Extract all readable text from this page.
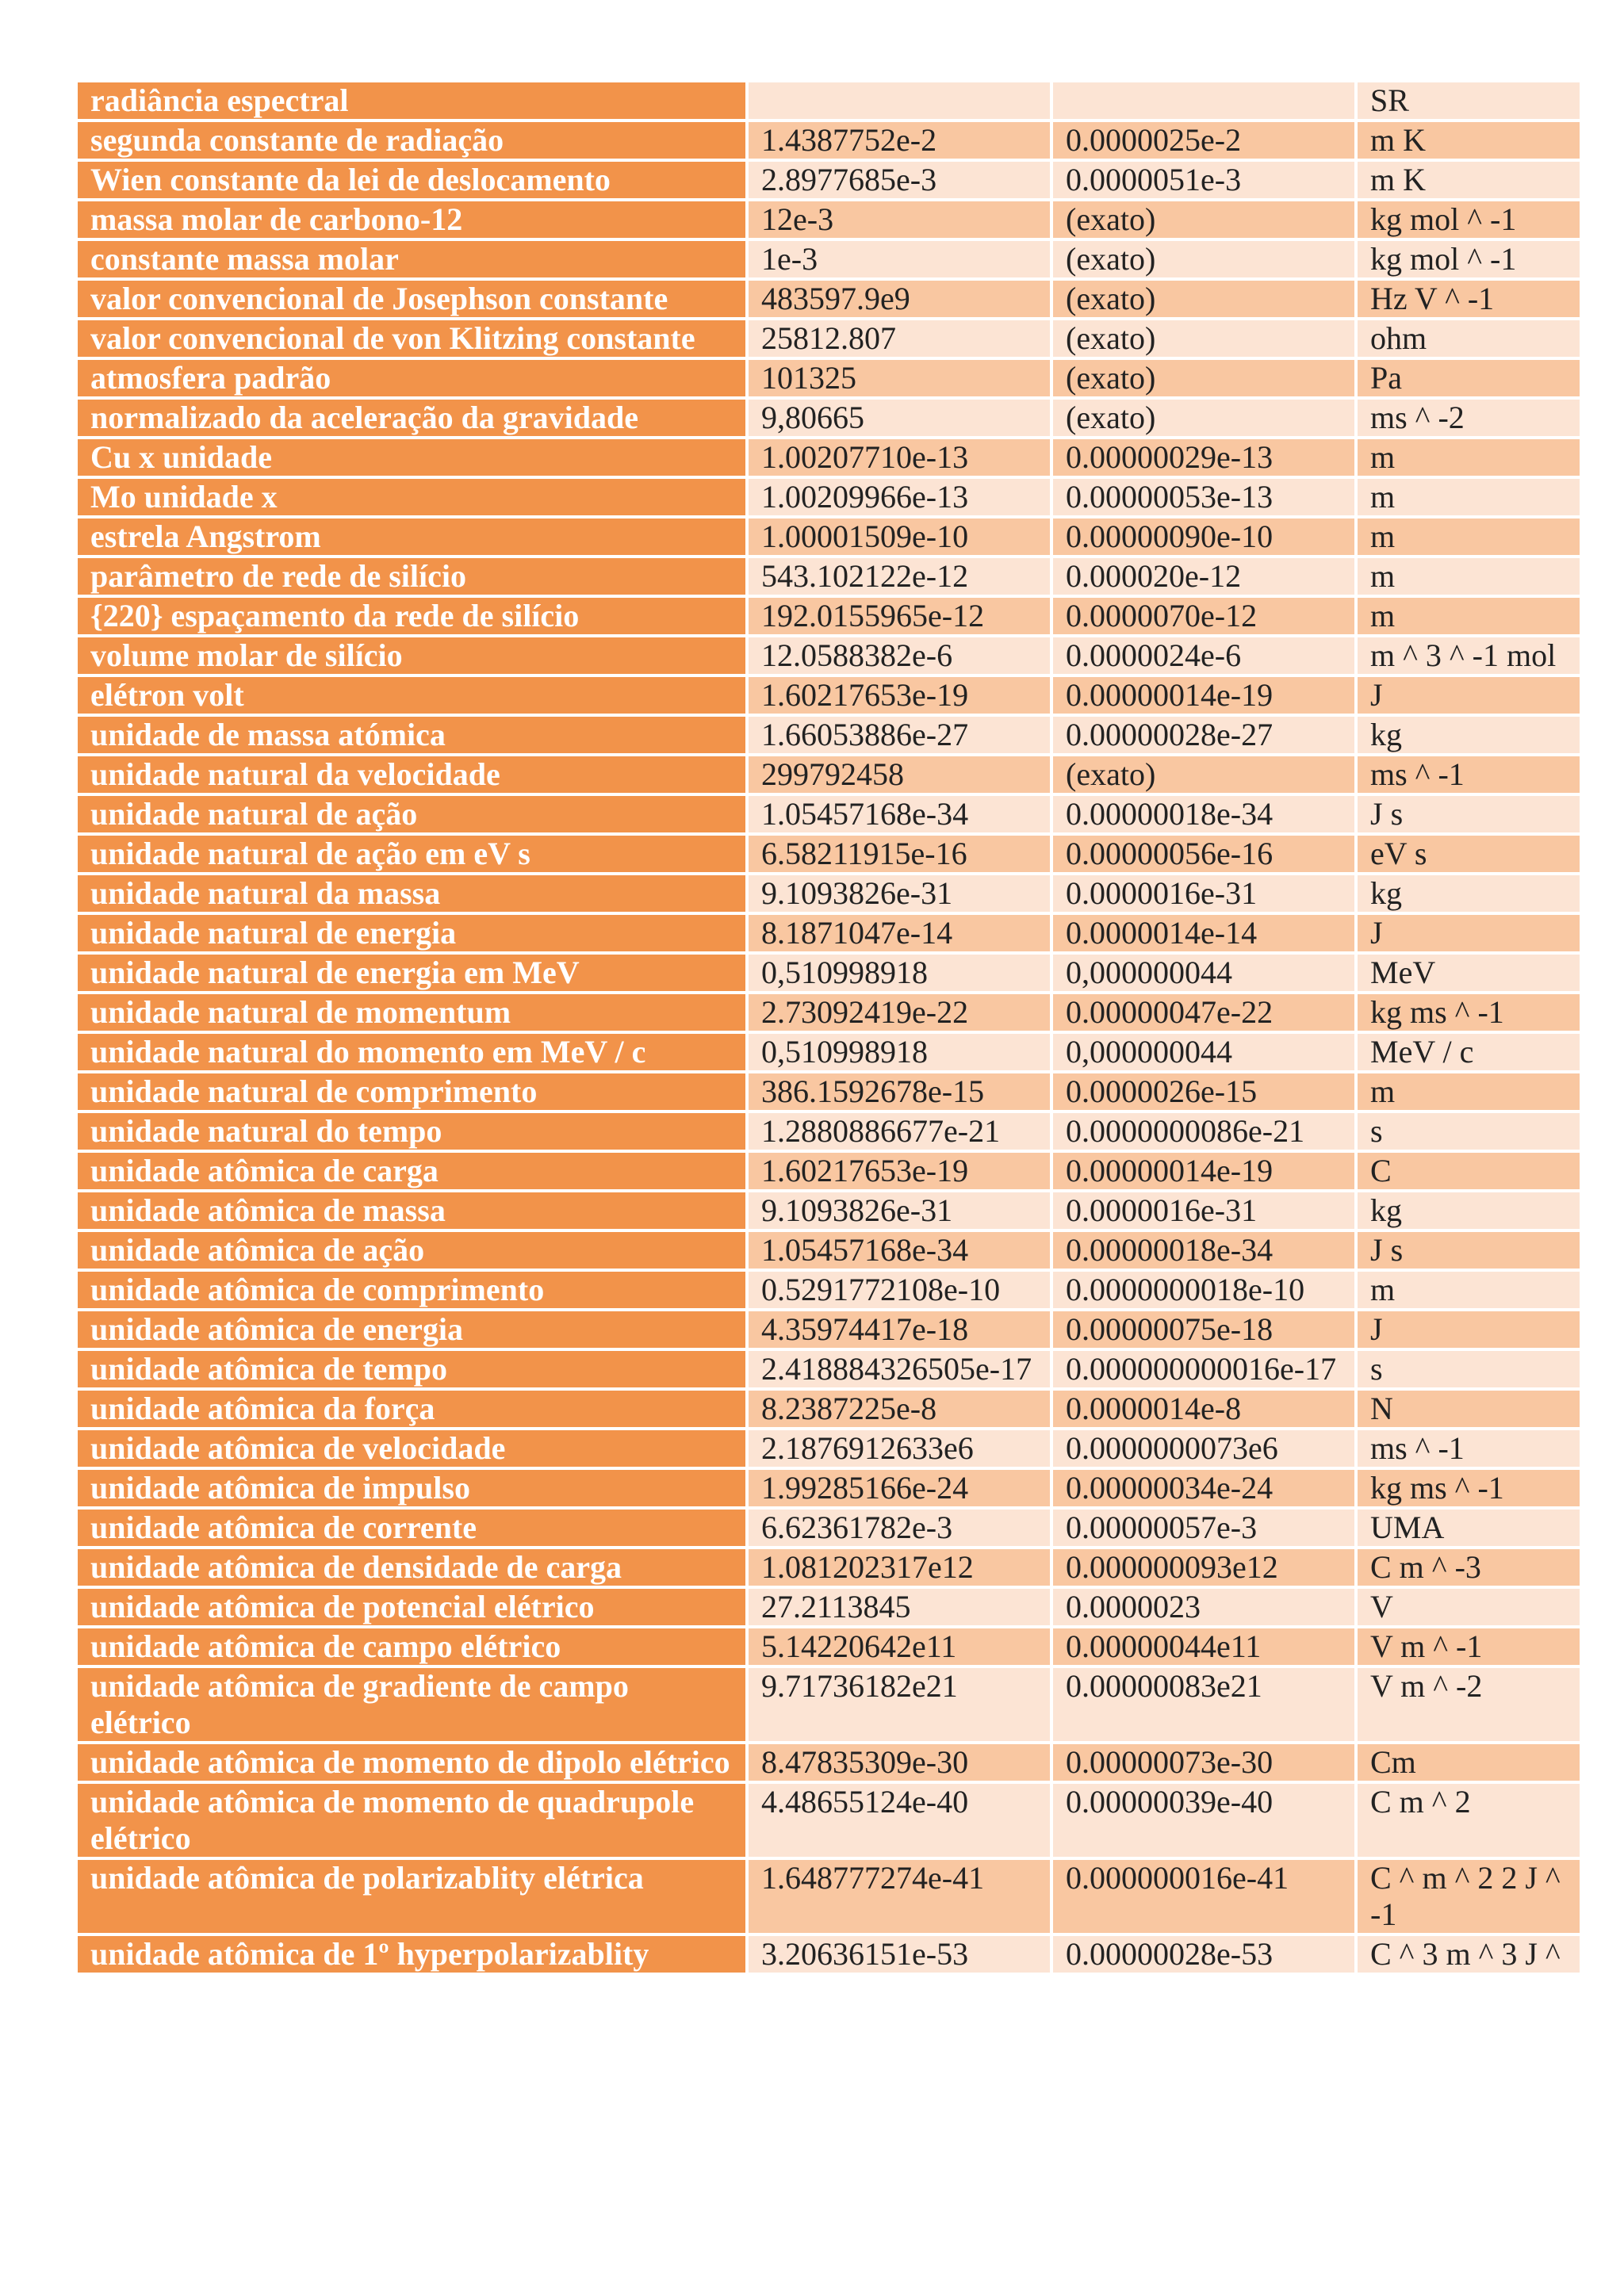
radiância espectral			SR
segunda constante de radiação	1.4387752e-2	0.0000025e-2	m K
Wien constante da lei de deslocamento	2.8977685e-3	0.0000051e-3	m K
massa molar de carbono-12	12e-3	(exato)	kg mol ^ -1
constante massa molar	1e-3	(exato)	kg mol ^ -1
valor convencional de Josephson constante	483597.9e9	(exato)	Hz V ^ -1
valor convencional de von Klitzing constante	25812.807	(exato)	ohm
atmosfera padrão	101325	(exato)	Pa
normalizado da aceleração da gravidade	9,80665	(exato)	ms ^ -2
Cu x unidade	1.00207710e-13	0.00000029e-13	m
Mo unidade x	1.00209966e-13	0.00000053e-13	m
estrela Angstrom	1.00001509e-10	0.00000090e-10	m
parâmetro de rede de silício	543.102122e-12	0.000020e-12	m
{220} espaçamento da rede de silício	192.0155965e-12	0.0000070e-12	m
volume molar de silício	12.0588382e-6	0.0000024e-6	m ^ 3 ^ -1 mol
elétron volt	1.60217653e-19	0.00000014e-19	J
unidade de massa atómica	1.66053886e-27	0.00000028e-27	kg
unidade natural da velocidade	299792458	(exato)	ms ^ -1
unidade natural de ação	1.05457168e-34	0.00000018e-34	J s
unidade natural de ação em eV s	6.58211915e-16	0.00000056e-16	eV s
unidade natural da massa	9.1093826e-31	0.0000016e-31	kg
unidade natural de energia	8.1871047e-14	0.0000014e-14	J
unidade natural de energia em MeV	0,510998918	0,000000044	MeV
unidade natural de momentum	2.73092419e-22	0.00000047e-22	kg ms ^ -1
unidade natural do momento em MeV / c	0,510998918	0,000000044	MeV / c
unidade natural de comprimento	386.1592678e-15	0.0000026e-15	m
unidade natural do tempo	1.2880886677e-21	0.0000000086e-21	s
unidade atômica de carga	1.60217653e-19	0.00000014e-19	C
unidade atômica de massa	9.1093826e-31	0.0000016e-31	kg
unidade atômica de ação	1.05457168e-34	0.00000018e-34	J s
unidade atômica de comprimento	0.5291772108e-10	0.0000000018e-10	m
unidade atômica de energia	4.35974417e-18	0.00000075e-18	J
unidade atômica de tempo	2.418884326505e-17	0.000000000016e-17	s
unidade atômica da força	8.2387225e-8	0.0000014e-8	N
unidade atômica de velocidade	2.1876912633e6	0.0000000073e6	ms ^ -1
unidade atômica de impulso	1.99285166e-24	0.00000034e-24	kg ms ^ -1
unidade atômica de corrente	6.62361782e-3	0.00000057e-3	UMA
unidade atômica de densidade de carga	1.081202317e12	0.000000093e12	C m ^ -3
unidade atômica de potencial elétrico	27.2113845	0.0000023	V
unidade atômica de campo elétrico	5.14220642e11	0.00000044e11	V m ^ -1
unidade atômica de gradiente de campo elétrico	9.71736182e21	0.00000083e21	V m ^ -2
unidade atômica de momento de dipolo elétrico	8.47835309e-30	0.00000073e-30	Cm
unidade atômica de momento de quadrupole elétrico	4.48655124e-40	0.00000039e-40	C m ^ 2
unidade atômica de polarizablity elétrica	1.648777274e-41	0.000000016e-41	C ^ m ^ 2 2 J ^ -1
unidade atômica de 1º hyperpolarizablity	3.20636151e-53	0.00000028e-53	C ^ 3 m ^ 3 J ^
